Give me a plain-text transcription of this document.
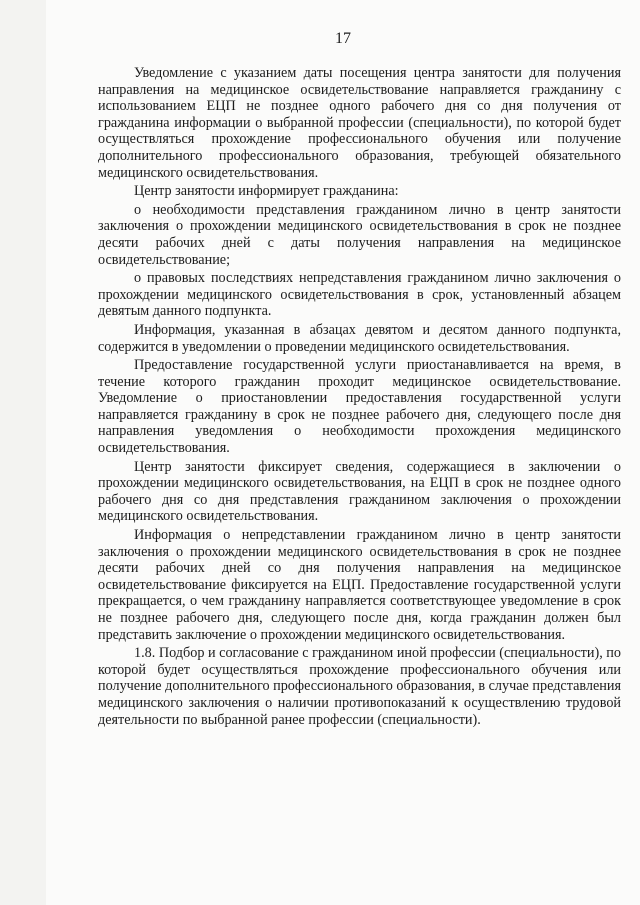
17

Уведомление с указанием даты посещения центра занятости для получения направления на медицинское освидетельствование направляется гражданину с использованием ЕЦП не позднее одного рабочего дня со дня получения от гражданина информации о выбранной профессии (специальности), по которой будет осуществляться прохождение профессионального обучения или получение дополнительного профессионального образования, требующей обязательного медицинского освидетельствования.

Центр занятости информирует гражданина:

о необходимости представления гражданином лично в центр занятости заключения о прохождении медицинского освидетельствования в срок не позднее десяти рабочих дней с даты получения направления на медицинское освидетельствование;

о правовых последствиях непредставления гражданином лично заключения о прохождении медицинского освидетельствования в срок, установленный абзацем девятым данного подпункта.

Информация, указанная в абзацах девятом и десятом данного подпункта, содержится в уведомлении о проведении медицинского освидетельствования.

Предоставление государственной услуги приостанавливается на время, в течение которого гражданин проходит медицинское освидетельствование. Уведомление о приостановлении предоставления государственной услуги направляется гражданину в срок не позднее рабочего дня, следующего после дня направления уведомления о необходимости прохождения медицинского освидетельствования.

Центр занятости фиксирует сведения, содержащиеся в заключении о прохождении медицинского освидетельствования, на ЕЦП в срок не позднее одного рабочего дня со дня представления гражданином заключения о прохождении медицинского освидетельствования.

Информация о непредставлении гражданином лично в центр занятости заключения о прохождении медицинского освидетельствования в срок не позднее десяти рабочих дней со дня получения направления на медицинское освидетельствование фиксируется на ЕЦП. Предоставление государственной услуги прекращается, о чем гражданину направляется соответствующее уведомление в срок не позднее рабочего дня, следующего после дня, когда гражданин должен был представить заключение о прохождении медицинского освидетельствования.

1.8. Подбор и согласование с гражданином иной профессии (специальности), по которой будет осуществляться прохождение профессионального обучения или получение дополнительного профессионального образования, в случае представления медицинского заключения о наличии противопоказаний к осуществлению трудовой деятельности по выбранной ранее профессии (специальности).
